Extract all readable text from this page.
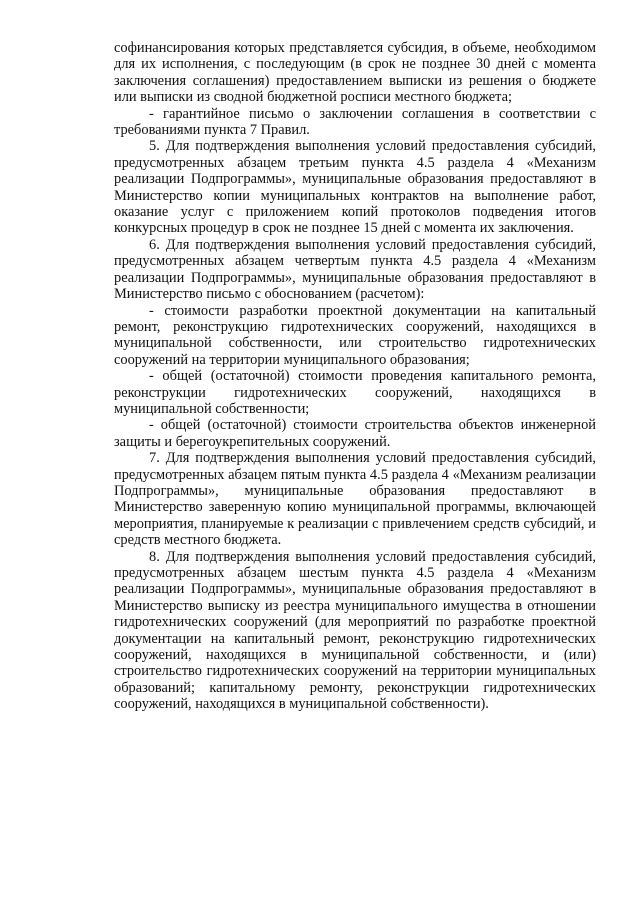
софинансирования которых представляется субсидия, в объеме, необходимом для их исполнения, с последующим (в срок не позднее 30 дней с момента заключения соглашения) предоставлением выписки из решения о бюджете или выписки из сводной бюджетной росписи местного бюджета;

- гарантийное письмо о заключении соглашения в соответствии с требованиями пункта 7 Правил.

5. Для подтверждения выполнения условий предоставления субсидий, предусмотренных абзацем третьим пункта 4.5 раздела 4 «Механизм реализации Подпрограммы», муниципальные образования предоставляют в Министерство копии муниципальных контрактов на выполнение работ, оказание услуг с приложением копий протоколов подведения итогов конкурсных процедур в срок не позднее 15 дней с момента их заключения.

6. Для подтверждения выполнения условий предоставления субсидий, предусмотренных абзацем четвертым пункта 4.5 раздела 4 «Механизм реализации Подпрограммы», муниципальные образования предоставляют в Министерство письмо с обоснованием (расчетом):

- стоимости разработки проектной документации на капитальный ремонт, реконструкцию гидротехнических сооружений, находящихся в муниципальной собственности, или строительство гидротехнических сооружений на территории муниципального образования;

- общей (остаточной) стоимости проведения капитального ремонта, реконструкции гидротехнических сооружений, находящихся в муниципальной собственности;

- общей (остаточной) стоимости строительства объектов инженерной защиты и берегоукрепительных сооружений.

7. Для подтверждения выполнения условий предоставления субсидий, предусмотренных абзацем пятым пункта 4.5 раздела 4 «Механизм реализации Подпрограммы», муниципальные образования предоставляют в Министерство заверенную копию муниципальной программы, включающей мероприятия, планируемые к реализации с привлечением средств субсидий, и средств местного бюджета.

8. Для подтверждения выполнения условий предоставления субсидий, предусмотренных абзацем шестым пункта 4.5 раздела 4 «Механизм реализации Подпрограммы», муниципальные образования предоставляют в Министерство выписку из реестра муниципального имущества в отношении гидротехнических сооружений (для мероприятий по разработке проектной документации на капитальный ремонт, реконструкцию гидротехнических сооружений, находящихся в муниципальной собственности, и (или) строительство гидротехнических сооружений на территории муниципальных образований; капитальному ремонту, реконструкции гидротехнических сооружений, находящихся в муниципальной собственности).
